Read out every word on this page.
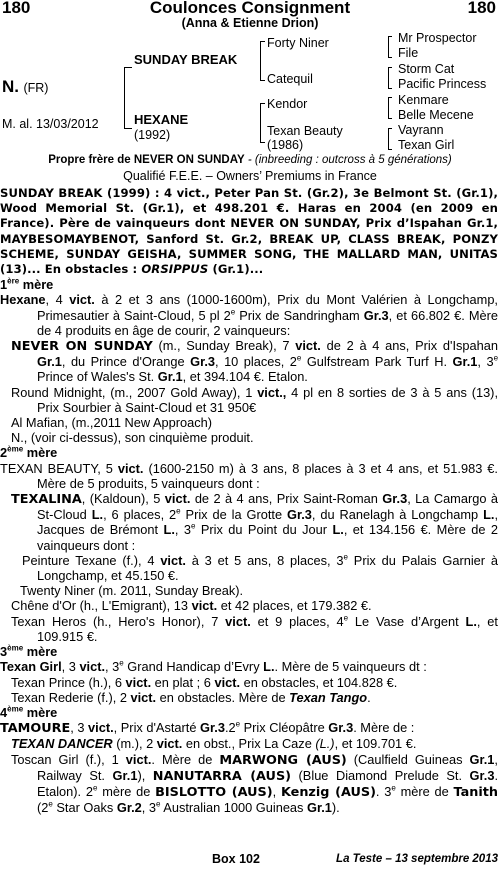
180	Coulonces Consignment	180
(Anna & Etienne Drion)
N. (FR)
M. al. 13/03/2012
SUNDAY BREAK
HEXANE
(1992)
Forty Niner
Catequil
Kendor
Texan Beauty
(1986)
Mr Prospector
File
Storm Cat
Pacific Princess
Kenmare
Belle Mecene
Vayrann
Texan Girl
Propre frère de NEVER ON SUNDAY - (inbreeding : outcross à 5 générations)
Qualifié F.E.E. – Owners’ Premiums in France

SUNDAY BREAK (1999) : 4 vict., Peter Pan St. (Gr.2), 3e Belmont St. (Gr.1), Wood Memorial St. (Gr.1), et 498.201 €. Haras en 2004 (en 2009 en France). Père de vainqueurs dont NEVER ON SUNDAY, Prix d’Ispahan Gr.1, MAYBESOMAYBENOT, Sanford St. Gr.2, BREAK UP, CLASS BREAK, PONZY SCHEME, SUNDAY GEISHA, SUMMER SONG, THE MALLARD MAN, UNITAS (13)... En obstacles : ORSIPPUS (Gr.1)...

1ère mère

Hexane, 4 vict. à 2 et 3 ans (1000-1600m), Prix du Mont Valérien à Longchamp, Primesautier à Saint-Cloud, 5 pl 2e Prix de Sandringham Gr.3, et 66.802 €. Mère de 4 produits en âge de courir, 2 vainqueurs:

NEVER ON SUNDAY (m., Sunday Break), 7 vict. de 2 à 4 ans, Prix d'Ispahan Gr.1, du Prince d'Orange Gr.3, 10 places, 2e Gulfstream Park Turf H. Gr.1, 3e Prince of Wales's St. Gr.1, et 394.104 €. Etalon.

Round Midnight, (m., 2007 Gold Away), 1 vict., 4 pl en 8 sorties de 3 à 5 ans (13), Prix Sourbier à Saint-Cloud et 31 950€

Al Mafian, (m.,2011 New Approach)

N., (voir ci-dessus), son cinquième produit.

2ème mère

TEXAN BEAUTY, 5 vict. (1600-2150 m) à 3 ans, 8 places à 3 et 4 ans, et 51.983 €. Mère de 5 produits, 5 vainqueurs dont :

TEXALINA, (Kaldoun), 5 vict. de 2 à 4 ans, Prix Saint-Roman Gr.3, La Camargo à St-Cloud L., 6 places, 2e Prix de la Grotte Gr.3, du Ranelagh à Longchamp L., Jacques de Brémont L., 3e Prix du Point du Jour L., et 134.156 €. Mère de 2 vainqueurs dont :

Peinture Texane (f.), 4 vict. à 3 et 5 ans, 8 places, 3e Prix du Palais Garnier à Longchamp, et 45.150 €.

Twenty Niner (m. 2011, Sunday Break).

Chêne d'Or (h., L'Emigrant), 13 vict. et 42 places, et 179.382 €.

Texan Heros (h., Hero's Honor), 7 vict. et 9 places, 4e Le Vase d’Argent L., et 109.915 €.

3ème mère

Texan Girl, 3 vict., 3e Grand Handicap d’Evry L.. Mère de 5 vainqueurs dt :

Texan Prince (h.), 6 vict. en plat ; 6 vict. en obstacles, et 104.828 €.

Texan Rederie (f.), 2 vict. en obstacles. Mère de Texan Tango.

4ème mère

TAMOURE, 3 vict., Prix d'Astarté Gr.3.2e Prix Cléopâtre Gr.3. Mère de :

TEXAN DANCER (m.), 2 vict. en obst., Prix La Caze (L.), et 109.701 €.

Toscan Girl (f.), 1 vict.. Mère de MARWONG (AUS) (Caulfield Guineas Gr.1, Railway St. Gr.1), NANUTARRA (AUS) (Blue Diamond Prelude St. Gr.3. Etalon). 2e mère de BISLOTTO (AUS), Kenzig (AUS). 3e mère de Tanith (2e Star Oaks Gr.2, 3e Australian 1000 Guineas Gr.1).

Box 102	La Teste – 13 septembre 2013
